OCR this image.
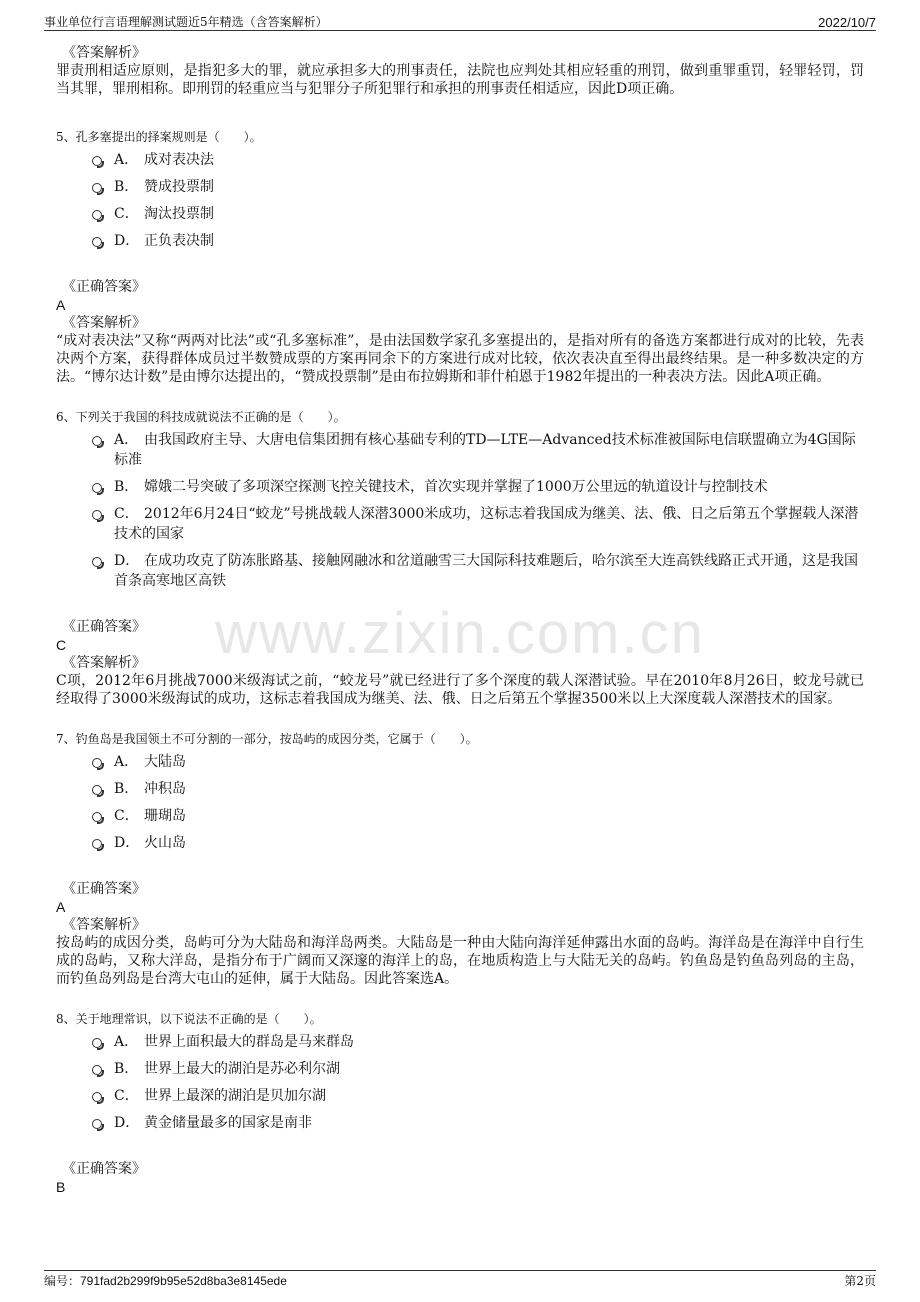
事业单位行言语理解测试题近5年精选（含答案解析）	2022/10/7
www.zixin.com.cn
《答案解析》
罪责刑相适应原则，是指犯多大的罪，就应承担多大的刑事责任，法院也应判处其相应轻重的刑罚，做到重罪重罚，轻罪轻罚，罚当其罪，罪刑相称。即刑罚的轻重应当与犯罪分子所犯罪行和承担的刑事责任相适应，因此D项正确。
5、孔多塞提出的择案规则是（　　）。
A． 成对表决法
B． 赞成投票制
C． 淘汰投票制
D． 正负表决制
《正确答案》
A
《答案解析》
“成对表决法”又称“两两对比法”或“孔多塞标准”，是由法国数学家孔多塞提出的，是指对所有的备选方案都进行成对的比较，先表决两个方案，获得群体成员过半数赞成票的方案再同余下的方案进行成对比较，依次表决直至得出最终结果。是一种多数决定的方法。“博尔达计数”是由博尔达提出的，“赞成投票制”是由布拉姆斯和菲什柏恩于1982年提出的一种表决方法。因此A项正确。
6、下列关于我国的科技成就说法不正确的是（　　）。
A． 由我国政府主导、大唐电信集团拥有核心基础专利的TD—LTE—Advanced技术标准被国际电信联盟确立为4G国际标准
B． 嫦娥二号突破了多项深空探测飞控关键技术，首次实现并掌握了1000万公里远的轨道设计与控制技术
C． 2012年6月24日“蛟龙”号挑战载人深潜3000米成功，这标志着我国成为继美、法、俄、日之后第五个掌握载人深潜技术的国家
D． 在成功攻克了防冻胀路基、接触网融冰和岔道融雪三大国际科技难题后，哈尔滨至大连高铁线路正式开通，这是我国首条高寒地区高铁
《正确答案》
C
《答案解析》
C项，2012年6月挑战7000米级海试之前，“蛟龙号”就已经进行了多个深度的载人深潜试验。早在2010年8月26日，蛟龙号就已经取得了3000米级海试的成功，这标志着我国成为继美、法、俄、日之后第五个掌握3500米以上大深度载人深潜技术的国家。
7、钓鱼岛是我国领土不可分割的一部分，按岛屿的成因分类，它属于（　　）。
A． 大陆岛
B． 冲积岛
C． 珊瑚岛
D． 火山岛
《正确答案》
A
《答案解析》
按岛屿的成因分类，岛屿可分为大陆岛和海洋岛两类。大陆岛是一种由大陆向海洋延伸露出水面的岛屿。海洋岛是在海洋中自行生成的岛屿，又称大洋岛，是指分布于广阔而又深邃的海洋上的岛，在地质构造上与大陆无关的岛屿。钓鱼岛是钓鱼岛列岛的主岛，而钓鱼岛列岛是台湾大屯山的延伸，属于大陆岛。因此答案选A。
8、关于地理常识，以下说法不正确的是（　　）。
A． 世界上面积最大的群岛是马来群岛
B． 世界上最大的湖泊是苏必利尔湖
C． 世界上最深的湖泊是贝加尔湖
D． 黄金储量最多的国家是南非
《正确答案》
B
编号：791fad2b299f9b95e52d8ba3e8145ede	第2页
